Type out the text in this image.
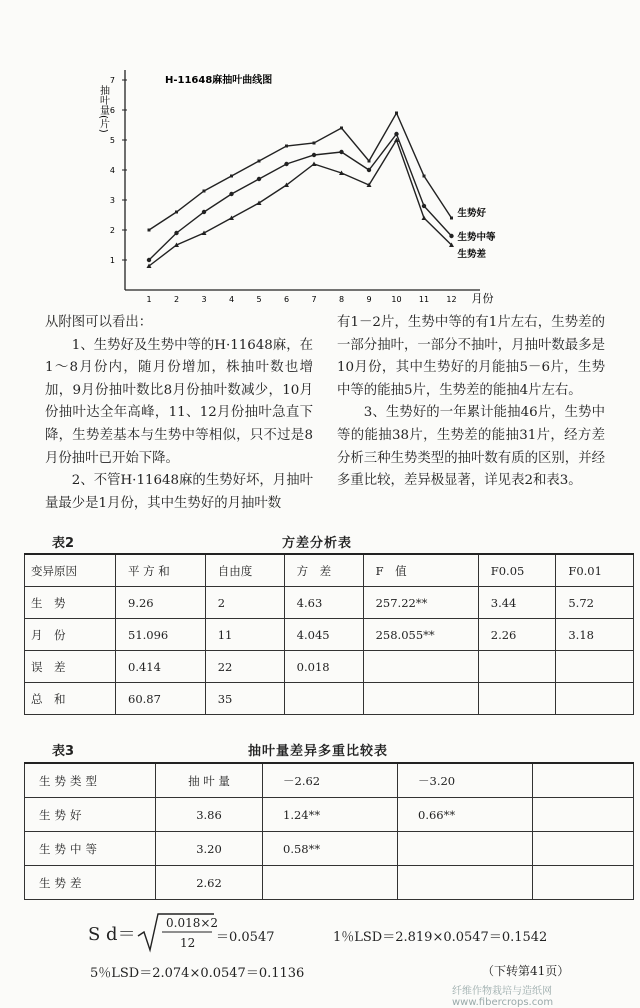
1
2
3
4
5
6
7
1	2	3	4	5	6	7	8	9 10 11 12 月份
抽叶量(片)
H-11648麻抽叶曲线图
生势好
生势中等
生势差

从附图可以看出：

1、生势好及生势中等的H·11648麻，在1～8月份内，随月份增加，株抽叶数也增加，9月份抽叶数比8月份抽叶数减少，10月份抽叶达全年高峰，11、12月份抽叶急直下降，生势差基本与生势中等相似，只不过是8月份抽叶已开始下降。

2、不管H·11648麻的生势好坏，月抽叶量最少是1月份，其中生势好的月抽叶数

有1－2片，生势中等的有1片左右，生势差的一部分抽叶，一部分不抽叶，月抽叶数最多是10月份，其中生势好的月能抽5－6片，生势中等的能抽5片，生势差的能抽4片左右。

3、生势好的一年累计能抽46片，生势中等的能抽38片，生势差的能抽31片，经方差分析三种生势类型的抽叶数有质的区别，并经多重比较，差异极显著，详见表2和表3。

表2	方差分析表
变异原因	平 方 和	自由度	方　差	F　值	F0.05	F0.01
生　势	9.26	2	4.63	257.22**	3.44	5.72
月　份	51.096	11	4.045	258.055**	2.26	3.18
误　差	0.414	22	0.018			
总　和	60.87	35				
表3	抽叶量差异多重比较表
生势类型	抽 叶 量	－2.62	－3.20	
生势好	3.86	1.24**	0.66**	
生势中等	3.20	0.58**		
生势差	2.62			
S d＝
0.018×2
12 ＝0.0547	1％LSD＝2.819×0.0547＝0.1542
5％LSD＝2.074×0.0547＝0.1136	（下转第41页）
纤维作物栽培与造纸网 www.fibercrops.com
